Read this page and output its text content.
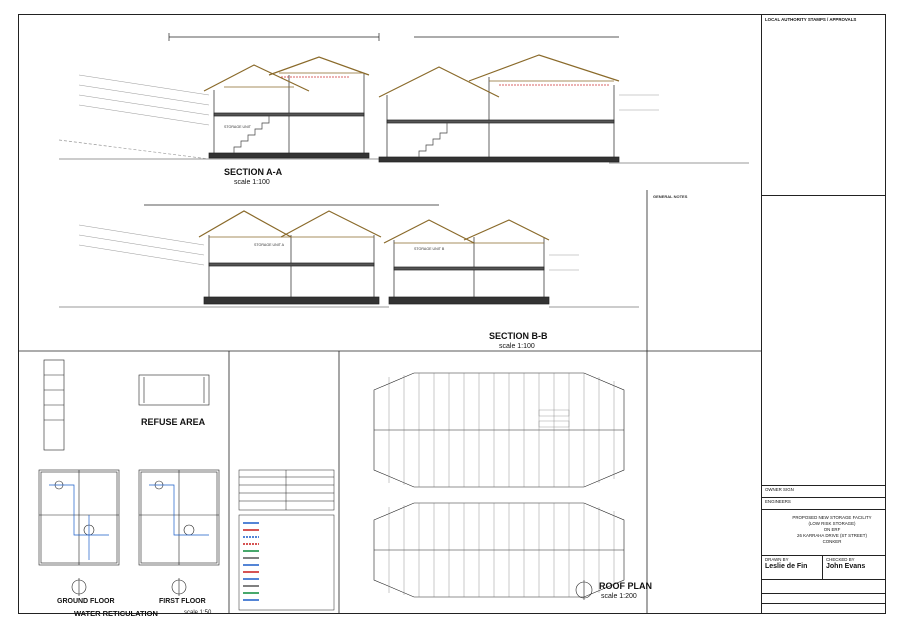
SECTION A-A
scale 1:100
SECTION B-B
scale 1:100
STORAGE UNIT
STORAGE UNIT A
STORAGE UNIT B
REFUSE AREA
GROUND FLOOR	FIRST FLOOR
WATER RETICULATION	scale 1:50
ROOF PLAN
scale 1:200
GENERAL NOTES
LOCAL AUTHORITY STAMPS / APPROVALS
OWNER SIGN
ENGINEERS
PROPOSED NEW STORAGE FACILITY
(LOW RISK STORAGE)
ON ERF
26 KARRAHA DRIVE (ST STREET)
CONKER
DRAWN BY
Leslie de Fin
CHECKED BY
John Evans
